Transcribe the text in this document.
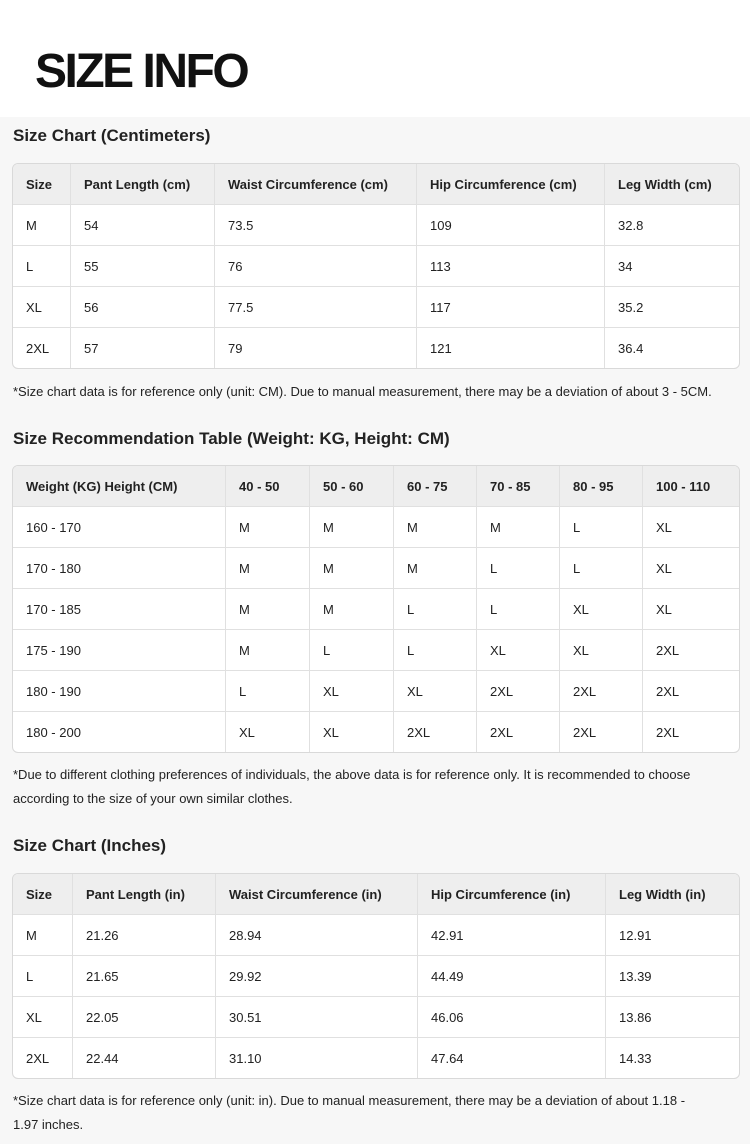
SIZE INFO
Size Chart (Centimeters)
Size	Pant Length (cm)	Waist Circumference (cm)	Hip Circumference (cm)	Leg Width (cm)
M	54	73.5	109	32.8
L	55	76	113	34
XL	56	77.5	117	35.2
2XL	57	79	121	36.4

*Size chart data is for reference only (unit: CM). Due to manual measurement, there may be a deviation of about 3 - 5CM.

Size Recommendation Table (Weight: KG, Height: CM)
Weight (KG) Height (CM)	40 - 50	50 - 60	60 - 75	70 - 85	80 - 95	100 - 110
160 - 170	M	M	M	M	L	XL
170 - 180	M	M	M	L	L	XL
170 - 185	M	M	L	L	XL	XL
175 - 190	M	L	L	XL	XL	2XL
180 - 190	L	XL	XL	2XL	2XL	2XL
180 - 200	XL	XL	2XL	2XL	2XL	2XL

*Due to different clothing preferences of individuals, the above data is for reference only. It is recommended to choose
according to the size of your own similar clothes.

Size Chart (Inches)
Size	Pant Length (in)	Waist Circumference (in)	Hip Circumference (in)	Leg Width (in)
M	21.26	28.94	42.91	12.91
L	21.65	29.92	44.49	13.39
XL	22.05	30.51	46.06	13.86
2XL	22.44	31.10	47.64	14.33

*Size chart data is for reference only (unit: in). Due to manual measurement, there may be a deviation of about 1.18 -
1.97 inches.
